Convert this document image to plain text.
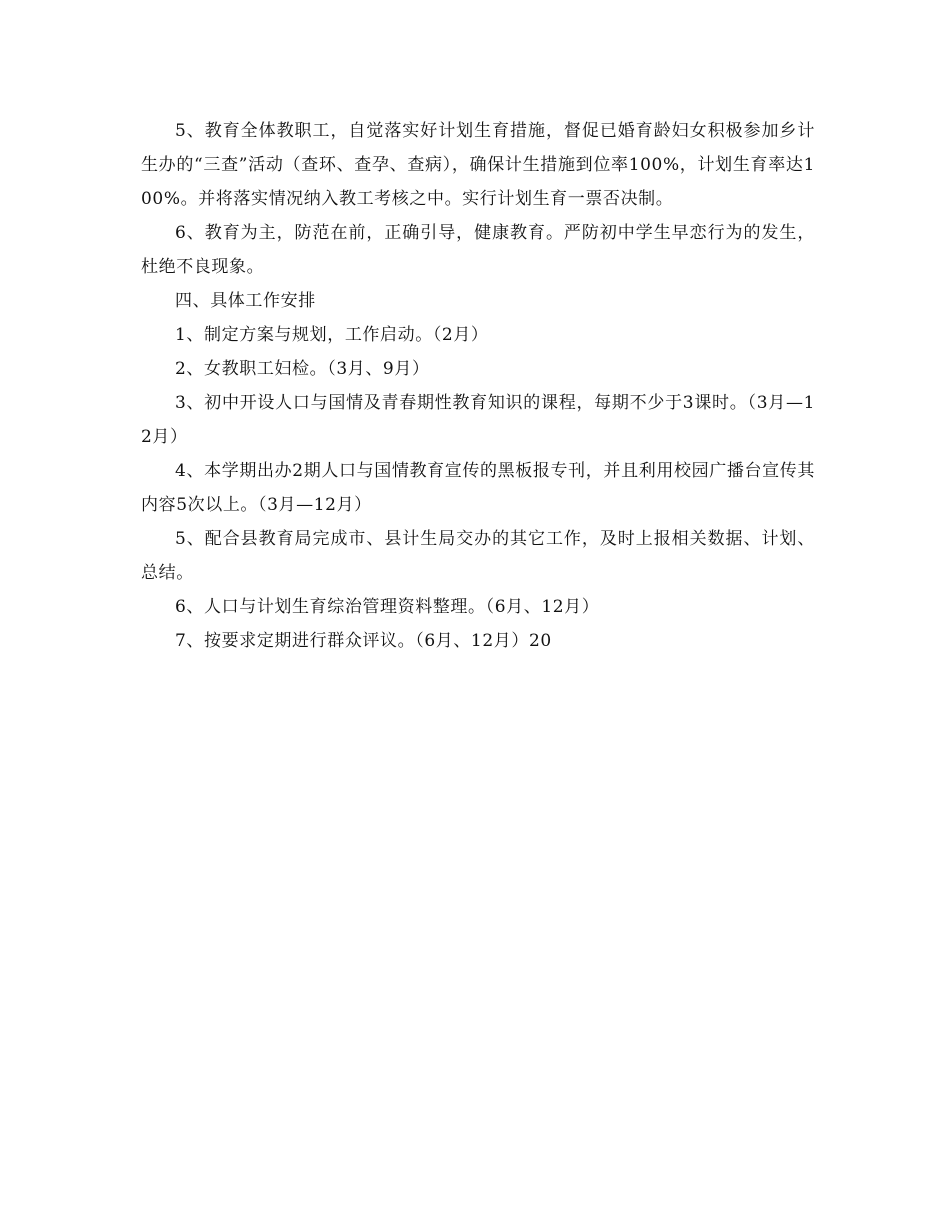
5、教育全体教职工，自觉落实好计划生育措施，督促已婚育龄妇女积极参加乡计生办的“三查”活动（查环、查孕、查病），确保计生措施到位率100%，计划生育率达100%。并将落实情况纳入教工考核之中。实行计划生育一票否决制。

6、教育为主，防范在前，正确引导，健康教育。严防初中学生早恋行为的发生，杜绝不良现象。

四、具体工作安排

1、制定方案与规划，工作启动。（2月）

2、女教职工妇检。（3月、9月）

3、初中开设人口与国情及青春期性教育知识的课程，每期不少于3课时。（3月—12月）

4、本学期出办2期人口与国情教育宣传的黑板报专刊，并且利用校园广播台宣传其内容5次以上。（3月—12月）

5、配合县教育局完成市、县计生局交办的其它工作，及时上报相关数据、计划、总结。

6、人口与计划生育综治管理资料整理。（6月、12月）

7、按要求定期进行群众评议。（6月、12月）20
